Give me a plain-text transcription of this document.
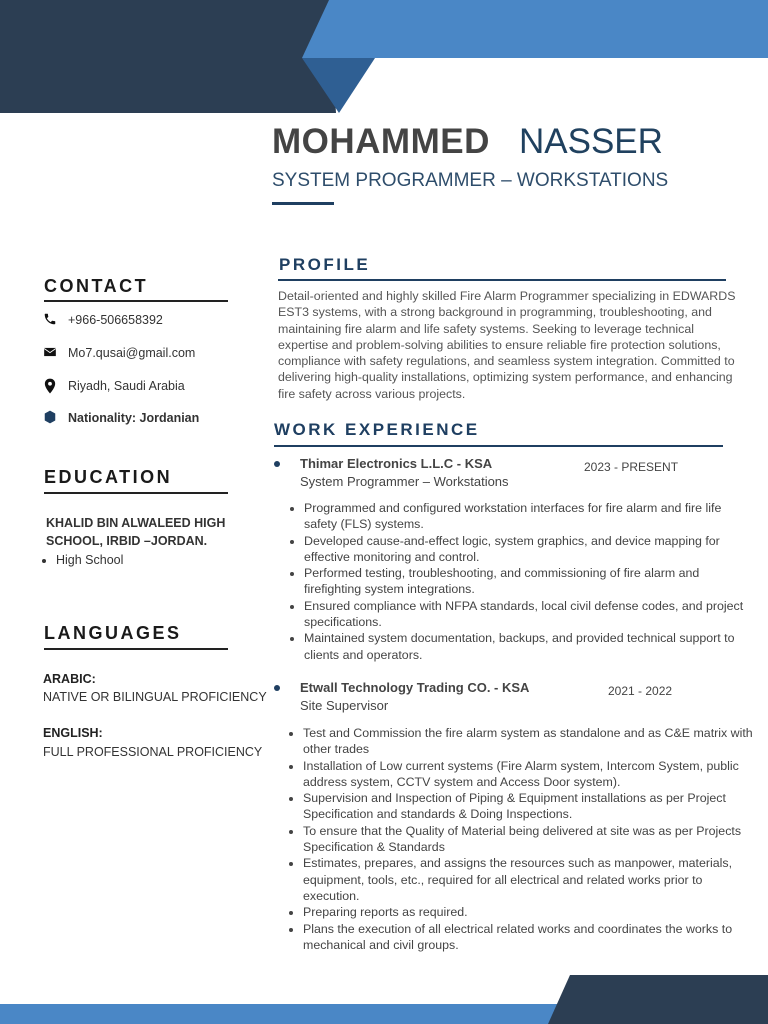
MOHAMMED NASSER
SYSTEM PROGRAMMER – WORKSTATIONS
CONTACT
+966-506658392
Mo7.qusai@gmail.com
Riyadh, Saudi Arabia
Nationality: Jordanian
EDUCATION
KHALID BIN ALWALEED HIGH SCHOOL, IRBID –JORDAN.
• High School
LANGUAGES
ARABIC:
NATIVE OR BILINGUAL PROFICIENCY
ENGLISH:
FULL PROFESSIONAL PROFICIENCY
PROFILE
Detail-oriented and highly skilled Fire Alarm Programmer specializing in EDWARDS EST3 systems, with a strong background in programming, troubleshooting, and maintaining fire alarm and life safety systems. Seeking to leverage technical expertise and problem-solving abilities to ensure reliable fire protection solutions, compliance with safety regulations, and seamless system integration. Committed to delivering high-quality installations, optimizing system performance, and enhancing fire safety across various projects.
WORK EXPERIENCE
Thimar Electronics L.L.C - KSA	2023 - PRESENT
System Programmer – Workstations
• Programmed and configured workstation interfaces for fire alarm and fire life safety (FLS) systems.
• Developed cause-and-effect logic, system graphics, and device mapping for effective monitoring and control.
• Performed testing, troubleshooting, and commissioning of fire alarm and firefighting system integrations.
• Ensured compliance with NFPA standards, local civil defense codes, and project specifications.
• Maintained system documentation, backups, and provided technical support to clients and operators.
Etwall Technology Trading CO. - KSA	2021 - 2022
Site Supervisor
• Test and Commission the fire alarm system as standalone and as C&E matrix with other trades
• Installation of Low current systems (Fire Alarm system, Intercom System, public address system, CCTV system and Access Door system).
• Supervision and Inspection of Piping & Equipment installations as per Project Specification and standards & Doing Inspections.
• To ensure that the Quality of Material being delivered at site was as per Projects Specification & Standards
• Estimates, prepares, and assigns the resources such as manpower, materials, equipment, tools, etc., required for all electrical and related works prior to execution.
• Preparing reports as required.
• Plans the execution of all electrical related works and coordinates the works to mechanical and civil groups.
